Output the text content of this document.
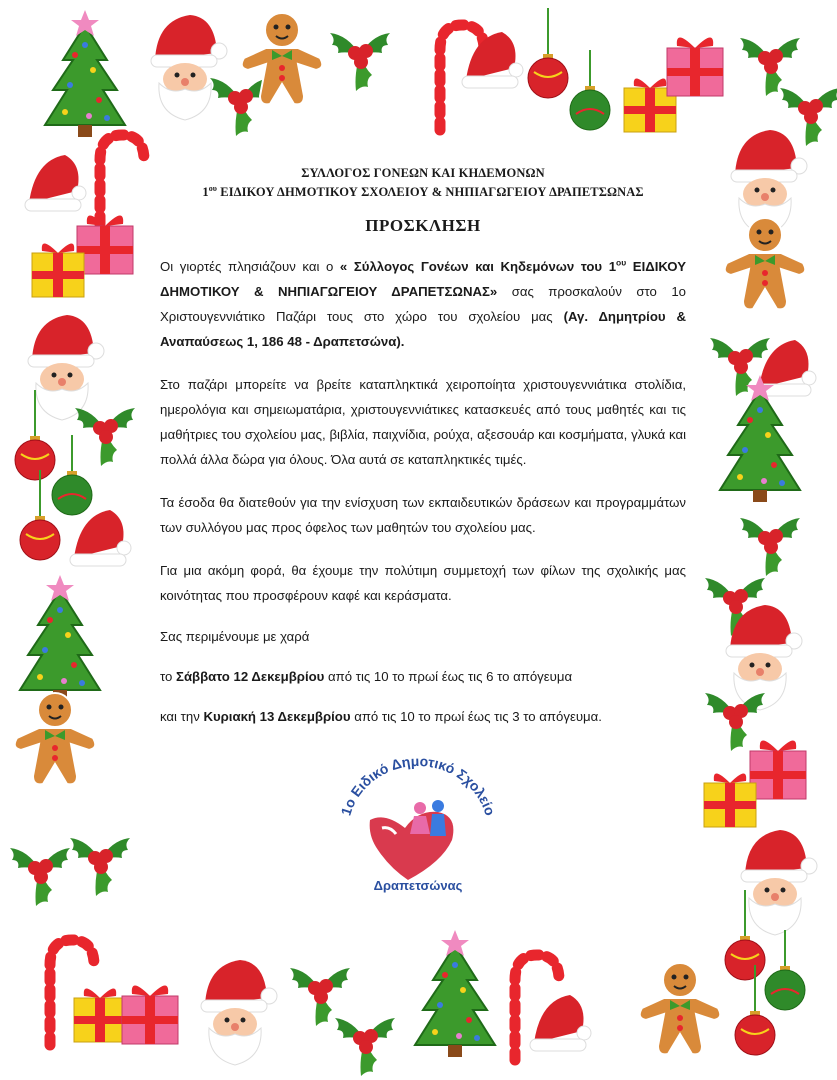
ΣΥΛΛΟΓΟΣ ΓΟΝΕΩΝ ΚΑΙ ΚΗΔΕΜΟΝΩΝ
$1^{o\upsilon}$ ΕΙΔΙΚΟΥ ΔΗΜΟΤΙΚΟΥ ΣΧΟΛΕΙΟΥ & ΝΗΠΙΑΓΩΓΕΙΟΥ ΔΡΑΠΕΤΣΩΝΑΣ
ΠΡΟΣΚΛΗΣΗ

Οι γιορτές πλησιάζουν και ο « Σύλλογος Γονέων και Κηδεμόνων του $1^{o\upsilon}$ ΕΙΔΙΚΟΥ ΔΗΜΟΤΙΚΟΥ & ΝΗΠΙΑΓΩΓΕΙΟΥ ΔΡΑΠΕΤΣΩΝΑΣ» σας προσκαλούν στο 1ο Χριστουγεννιάτικο Παζάρι τους στο χώρο του σχολείου μας (Αγ. Δημητρίου & Αναπαύσεως 1, 186 48 - Δραπετσώνα).

Στο παζάρι μπορείτε να βρείτε καταπληκτικά χειροποίητα χριστουγεννιάτικα στολίδια, ημερολόγια και σημειωματάρια, χριστουγεννιάτικες κατασκευές από τους μαθητές και τις μαθήτριες του σχολείου μας, βιβλία, παιχνίδια, ρούχα, αξεσουάρ και κοσμήματα, γλυκά και πολλά άλλα δώρα για όλους. Όλα αυτά σε καταπληκτικές τιμές.

Τα έσοδα θα διατεθούν για την ενίσχυση των εκπαιδευτικών δράσεων και προγραμμάτων των συλλόγου μας προς όφελος των μαθητών του σχολείου μας.

Για μια ακόμη φορά, θα έχουμε την πολύτιμη συμμετοχή των φίλων της σχολικής μας κοινότητας που προσφέρουν καφέ και κεράσματα.

Σας περιμένουμε με χαρά
το Σάββατο 12 Δεκεμβρίου από τις 10 το πρωί έως τις 6 το απόγευμα
και την Κυριακή 13 Δεκεμβρίου από τις 10 το πρωί έως τις 3 το απόγευμα.
1ο Ειδικό Δημοτικό Σχολείο
Δραπετσώνας
